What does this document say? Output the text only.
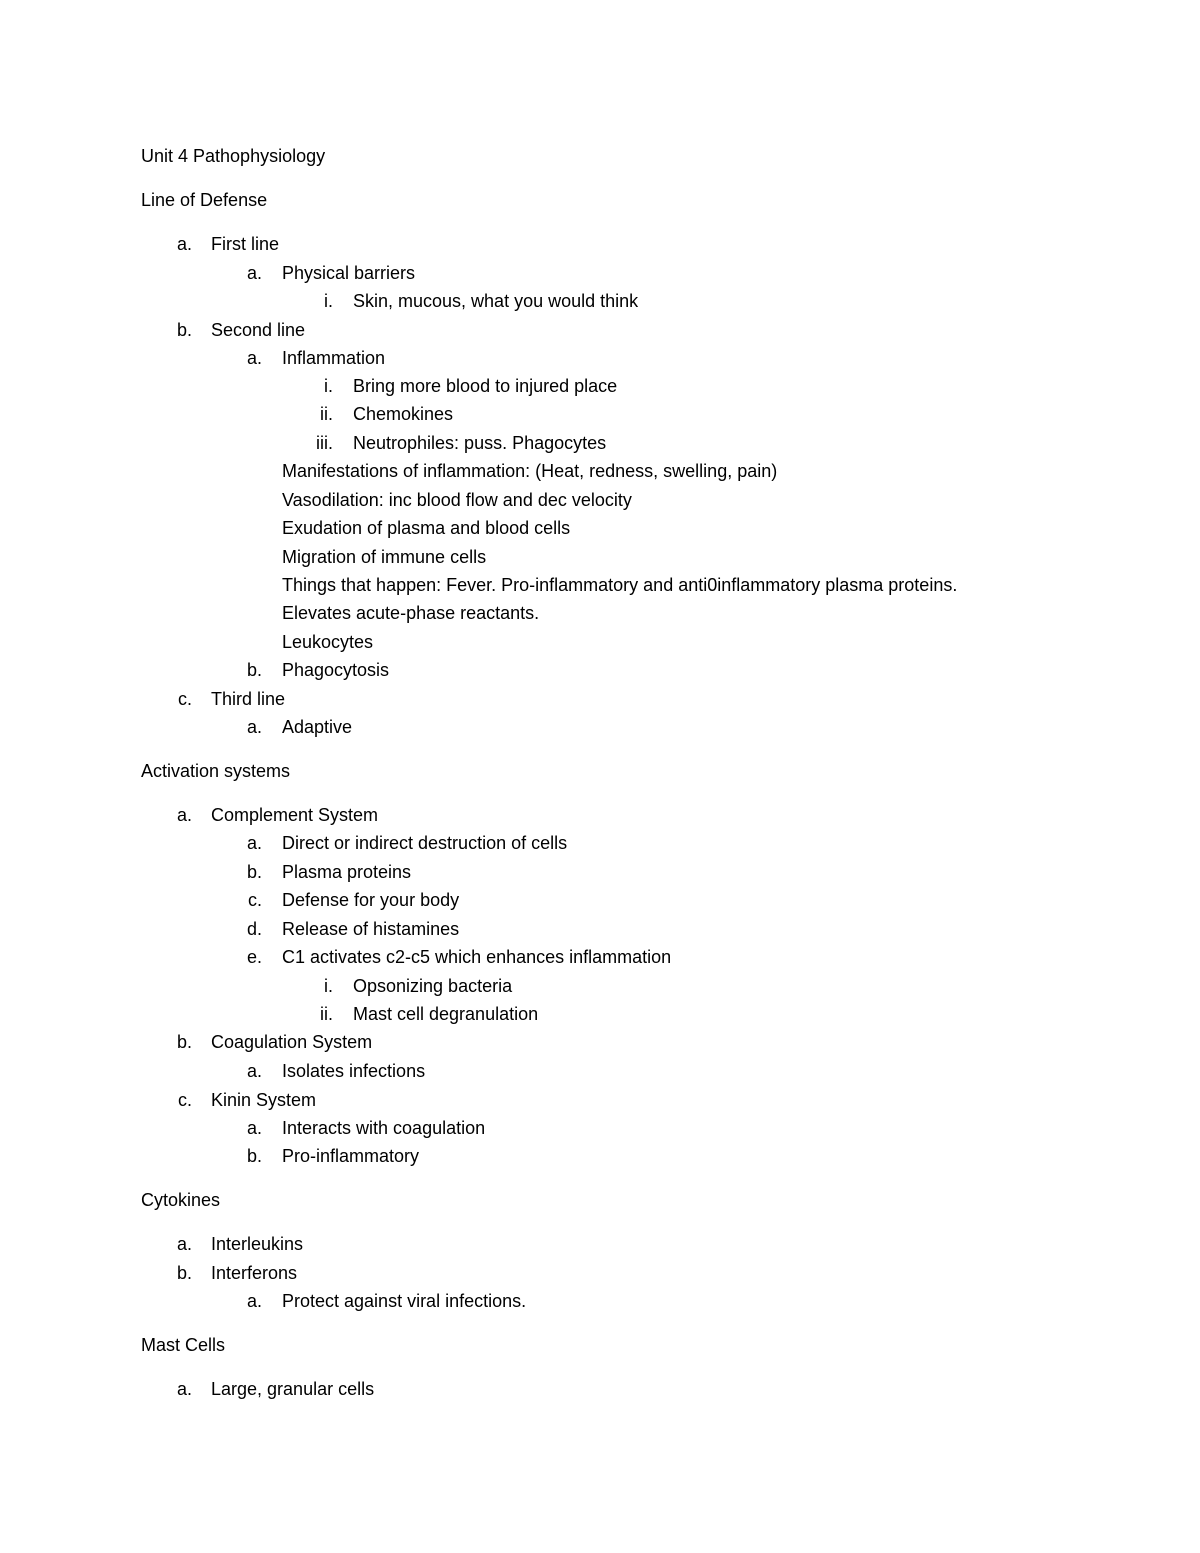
Unit 4 Pathophysiology
Line of Defense
a. First line
a. Physical barriers
i. Skin, mucous, what you would think
b. Second line
a. Inflammation
i. Bring more blood to injured place
ii. Chemokines
iii. Neutrophiles: puss. Phagocytes
Manifestations of inflammation: (Heat, redness, swelling, pain)
Vasodilation: inc blood flow and dec velocity
Exudation of plasma and blood cells
Migration of immune cells
Things that happen: Fever. Pro-inflammatory and anti0inflammatory plasma proteins.
Elevates acute-phase reactants.
Leukocytes
b. Phagocytosis
c. Third line
a. Adaptive
Activation systems
a. Complement System
a. Direct or indirect destruction of cells
b. Plasma proteins
c. Defense for your body
d. Release of histamines
e. C1 activates c2-c5 which enhances inflammation
i. Opsonizing bacteria
ii. Mast cell degranulation
b. Coagulation System
a. Isolates infections
c. Kinin System
a. Interacts with coagulation
b. Pro-inflammatory
Cytokines
a. Interleukins
b. Interferons
a. Protect against viral infections.
Mast Cells
a. Large, granular cells
